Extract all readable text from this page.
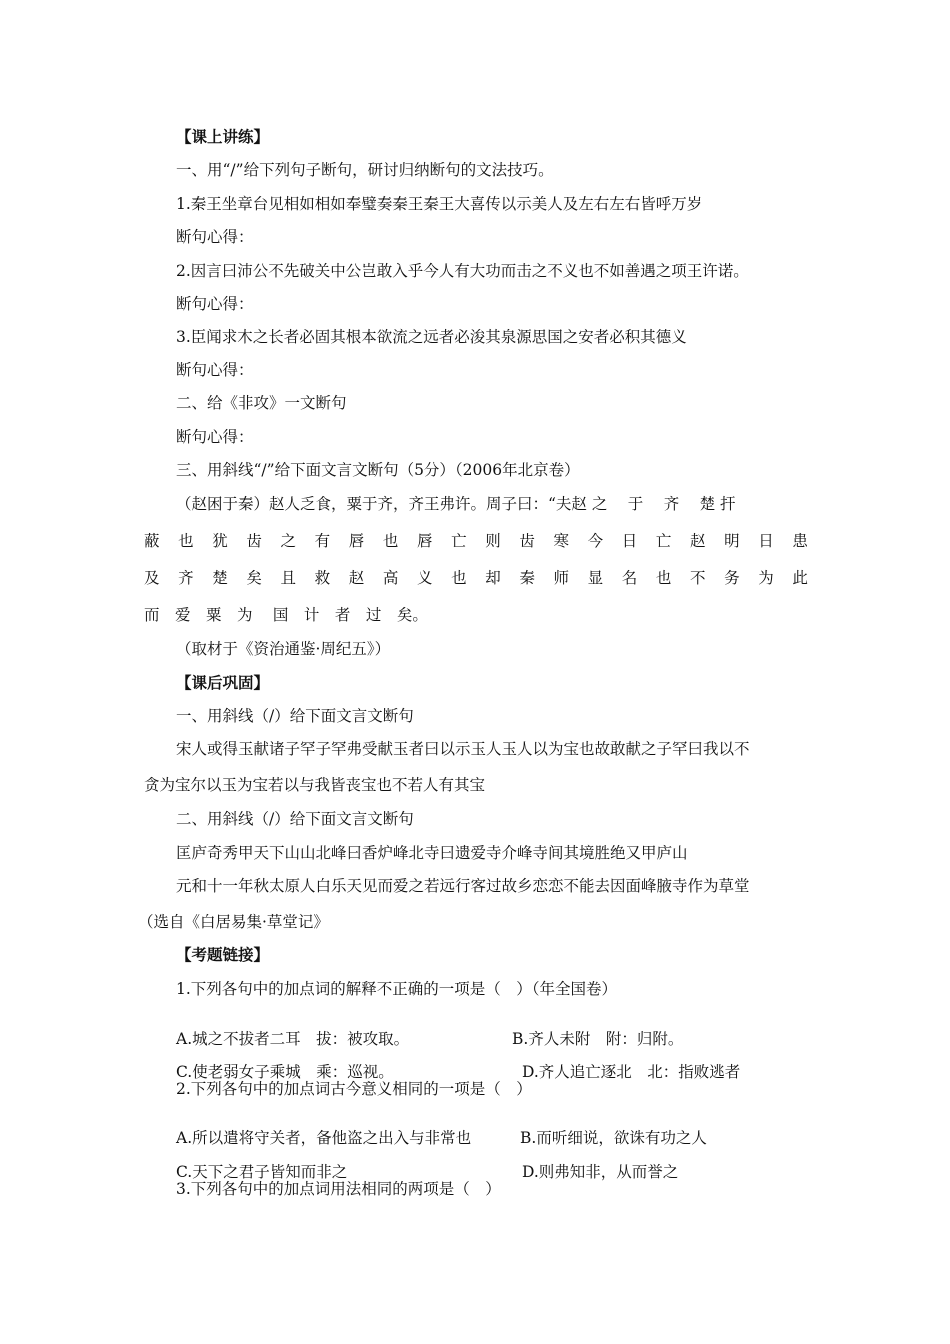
【课上讲练】

一、用“/”给下列句子断句，研讨归纳断句的文法技巧。

1.秦王坐章台见相如相如奉璧奏秦王秦王大喜传以示美人及左右左右皆呼万岁

断句心得：

2.因言曰沛公不先破关中公岂敢入乎今人有大功而击之不义也不如善遇之项王许诺。

断句心得：

3.臣闻求木之长者必固其根本欲流之远者必浚其泉源思国之安者必积其德义

断句心得：

二、给《非攻》一文断句

断句心得：

三、用斜线“/”给下面文言文断句（5分）（2006年北京卷）

（赵困于秦）赵人乏食，粟于齐，齐王弗许。周子曰：“夫赵 之　 于　 齐　 楚 扞

蔽 也 犹 齿 之 有 唇 也 唇 亡 则 齿 寒 今 日 亡 赵 明 日 患
及 齐 楚 矣 且 救 赵 高 义 也 却 秦 师 显 名 也 不 务 为 此

而　爱　粟　为　 国　计　者　过　矣。

（取材于《资治通鉴·周纪五》）

【课后巩固】

一、用斜线（/）给下面文言文断句

宋人或得玉献诸子罕子罕弗受献玉者曰以示玉人玉人以为宝也故敢献之子罕曰我以不

贪为宝尔以玉为宝若以与我皆丧宝也不若人有其宝

二、用斜线（/）给下面文言文断句

匡庐奇秀甲天下山山北峰曰香炉峰北寺曰遗爱寺介峰寺间其境胜绝又甲庐山

元和十一年秋太原人白乐天见而爱之若远行客过故乡恋恋不能去因面峰腋寺作为草堂

（选自《白居易集·草堂记》

【考题链接】

1.下列各句中的加点词的解释不正确的一项是（　）（年全国卷）

A.城之不拔者二耳　拔：被攻取。	B.齐人未附　附：归附。

C.使老弱女子乘城　乘：巡视。	D.齐人追亡逐北　北：指败逃者

2.下列各句中的加点词古今意义相同的一项是（　）

A.所以遣将守关者，备他盗之出入与非常也	B.而听细说，欲诛有功之人

C.天下之君子皆知而非之	D.则弗知非，从而誉之

3.下列各句中的加点词用法相同的两项是（　）
